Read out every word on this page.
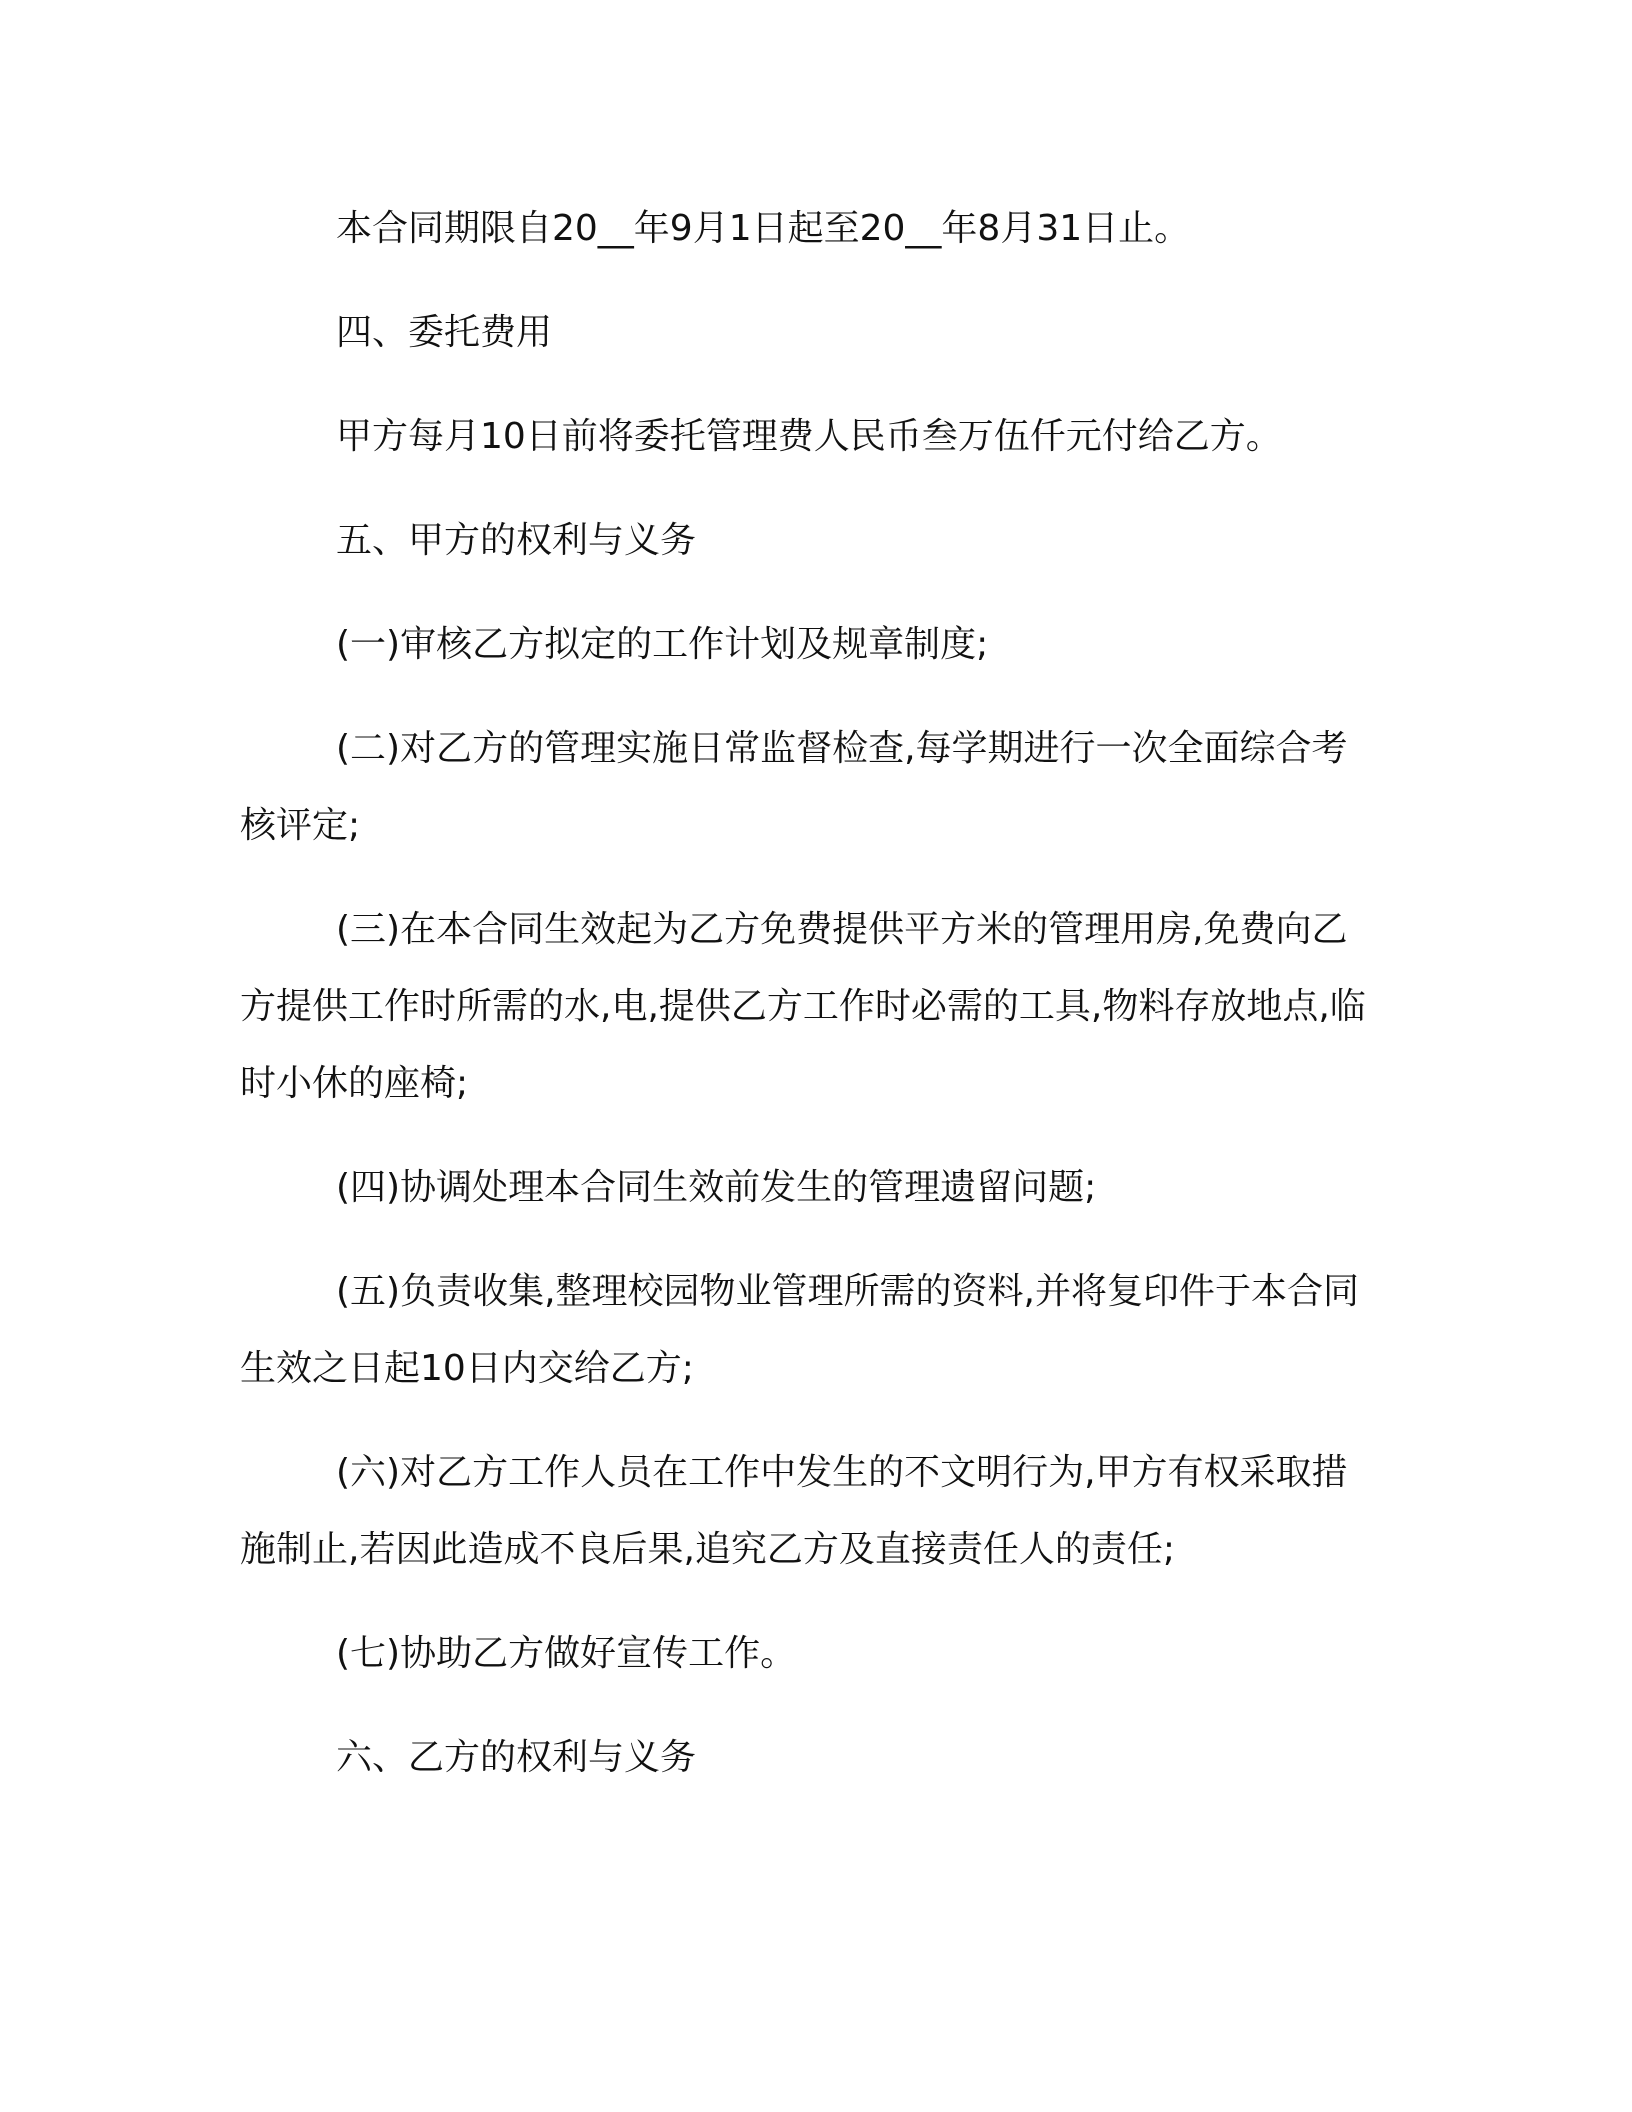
本合同期限自20__年9月1日起至20__年8月31日止。

四、委托费用

甲方每月10日前将委托管理费人民币叁万伍仟元付给乙方。

五、甲方的权利与义务

(一)审核乙方拟定的工作计划及规章制度;

(二)对乙方的管理实施日常监督检查,每学期进行一次全面综合考核评定;

(三)在本合同生效起为乙方免费提供平方米的管理用房,免费向乙方提供工作时所需的水,电,提供乙方工作时必需的工具,物料存放地点,临时小休的座椅;

(四)协调处理本合同生效前发生的管理遗留问题;

(五)负责收集,整理校园物业管理所需的资料,并将复印件于本合同生效之日起10日内交给乙方;

(六)对乙方工作人员在工作中发生的不文明行为,甲方有权采取措施制止,若因此造成不良后果,追究乙方及直接责任人的责任;

(七)协助乙方做好宣传工作。

六、乙方的权利与义务
